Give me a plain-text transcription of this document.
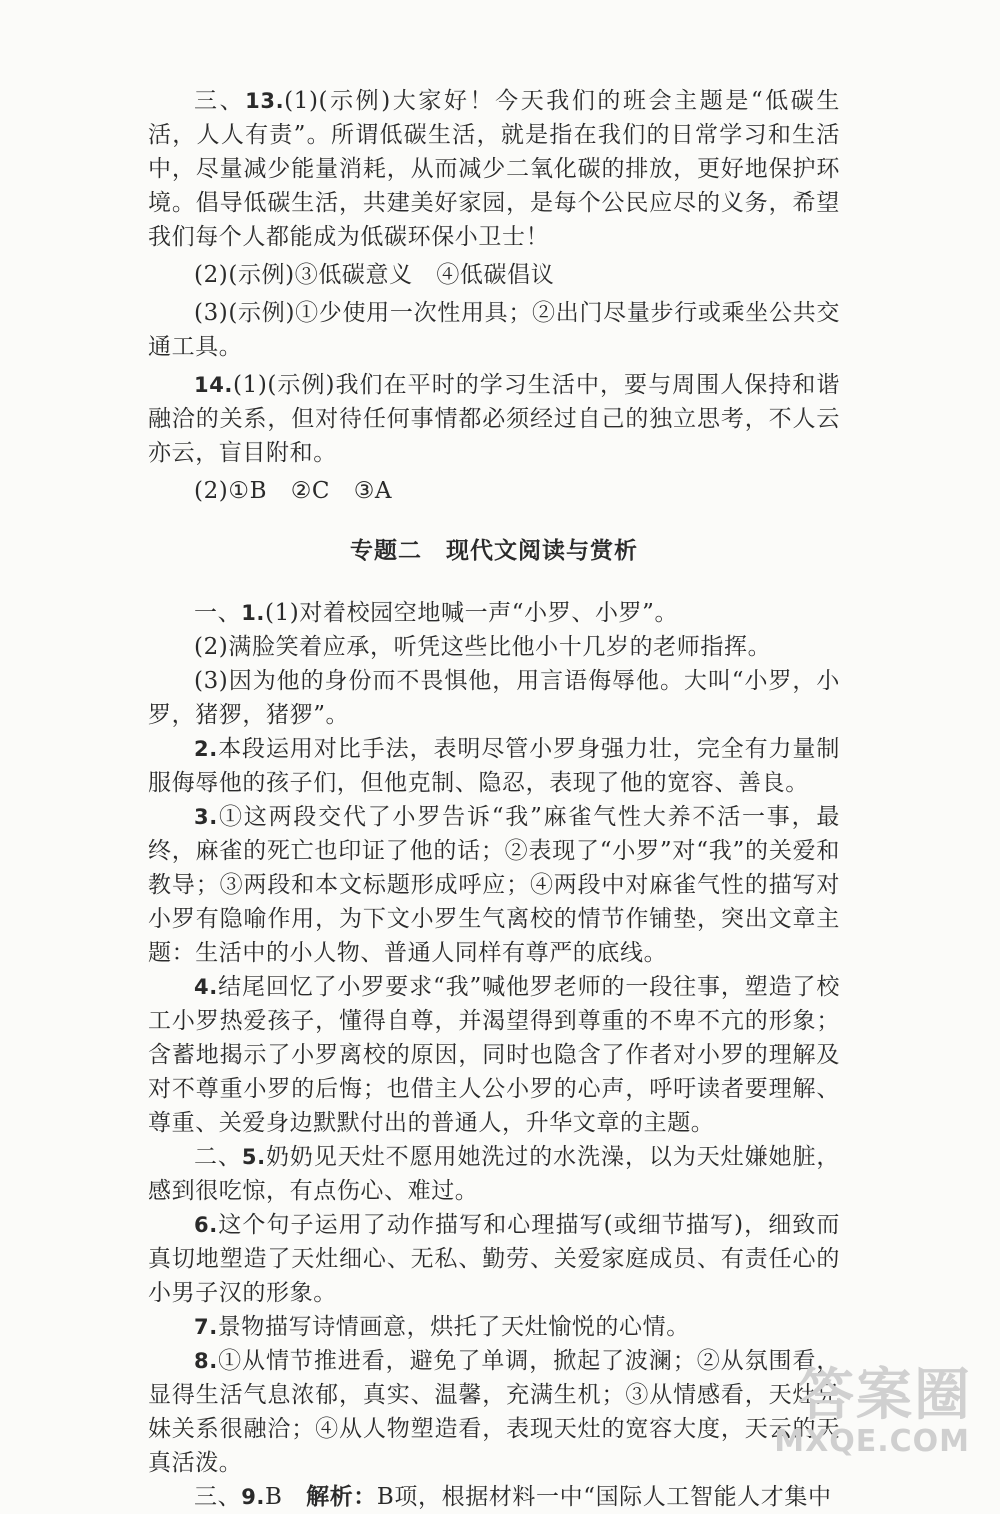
三、13.(1)(示例)大家好！今天我们的班会主题是“低碳生活，人人有责”。所谓低碳生活，就是指在我们的日常学习和生活中，尽量减少能量消耗，从而减少二氧化碳的排放，更好地保护环境。倡导低碳生活，共建美好家园，是每个公民应尽的义务，希望我们每个人都能成为低碳环保小卫士！

(2)(示例)③低碳意义　④低碳倡议

(3)(示例)①少使用一次性用具；②出门尽量步行或乘坐公共交通工具。

14.(1)(示例)我们在平时的学习生活中，要与周围人保持和谐融洽的关系，但对待任何事情都必须经过自己的独立思考，不人云亦云，盲目附和。

(2)①B　②C　③A

专题二　现代文阅读与赏析

一、1.(1)对着校园空地喊一声“小罗、小罗”。

(2)满脸笑着应承，听凭这些比他小十几岁的老师指挥。

(3)因为他的身份而不畏惧他，用言语侮辱他。大叫“小罗，小罗，猪猡，猪猡”。

2.本段运用对比手法，表明尽管小罗身强力壮，完全有力量制服侮辱他的孩子们，但他克制、隐忍，表现了他的宽容、善良。

3.①这两段交代了小罗告诉“我”麻雀气性大养不活一事，最终，麻雀的死亡也印证了他的话；②表现了“小罗”对“我”的关爱和教导；③两段和本文标题形成呼应；④两段中对麻雀气性的描写对小罗有隐喻作用，为下文小罗生气离校的情节作铺垫，突出文章主题：生活中的小人物、普通人同样有尊严的底线。

4.结尾回忆了小罗要求“我”喊他罗老师的一段往事，塑造了校工小罗热爱孩子，懂得自尊，并渴望得到尊重的不卑不亢的形象；含蓄地揭示了小罗离校的原因，同时也隐含了作者对小罗的理解及对不尊重小罗的后悔；也借主人公小罗的心声，呼吁读者要理解、尊重、关爱身边默默付出的普通人，升华文章的主题。

二、5.奶奶见天灶不愿用她洗过的水洗澡，以为天灶嫌她脏，感到很吃惊，有点伤心、难过。

6.这个句子运用了动作描写和心理描写(或细节描写)，细致而真切地塑造了天灶细心、无私、勤劳、关爱家庭成员、有责任心的小男子汉的形象。

7.景物描写诗情画意，烘托了天灶愉悦的心情。

8.①从情节推进看，避免了单调，掀起了波澜；②从氛围看，显得生活气息浓郁，真实、温馨，充满生机；③从情感看，天灶兄妹关系很融洽；④从人物塑造看，表现天灶的宽容大度，天云的天真活泼。

三、9.B　解析：B项，根据材料一中“国际人工智能人才集中

答案圈
MXQE.COM
